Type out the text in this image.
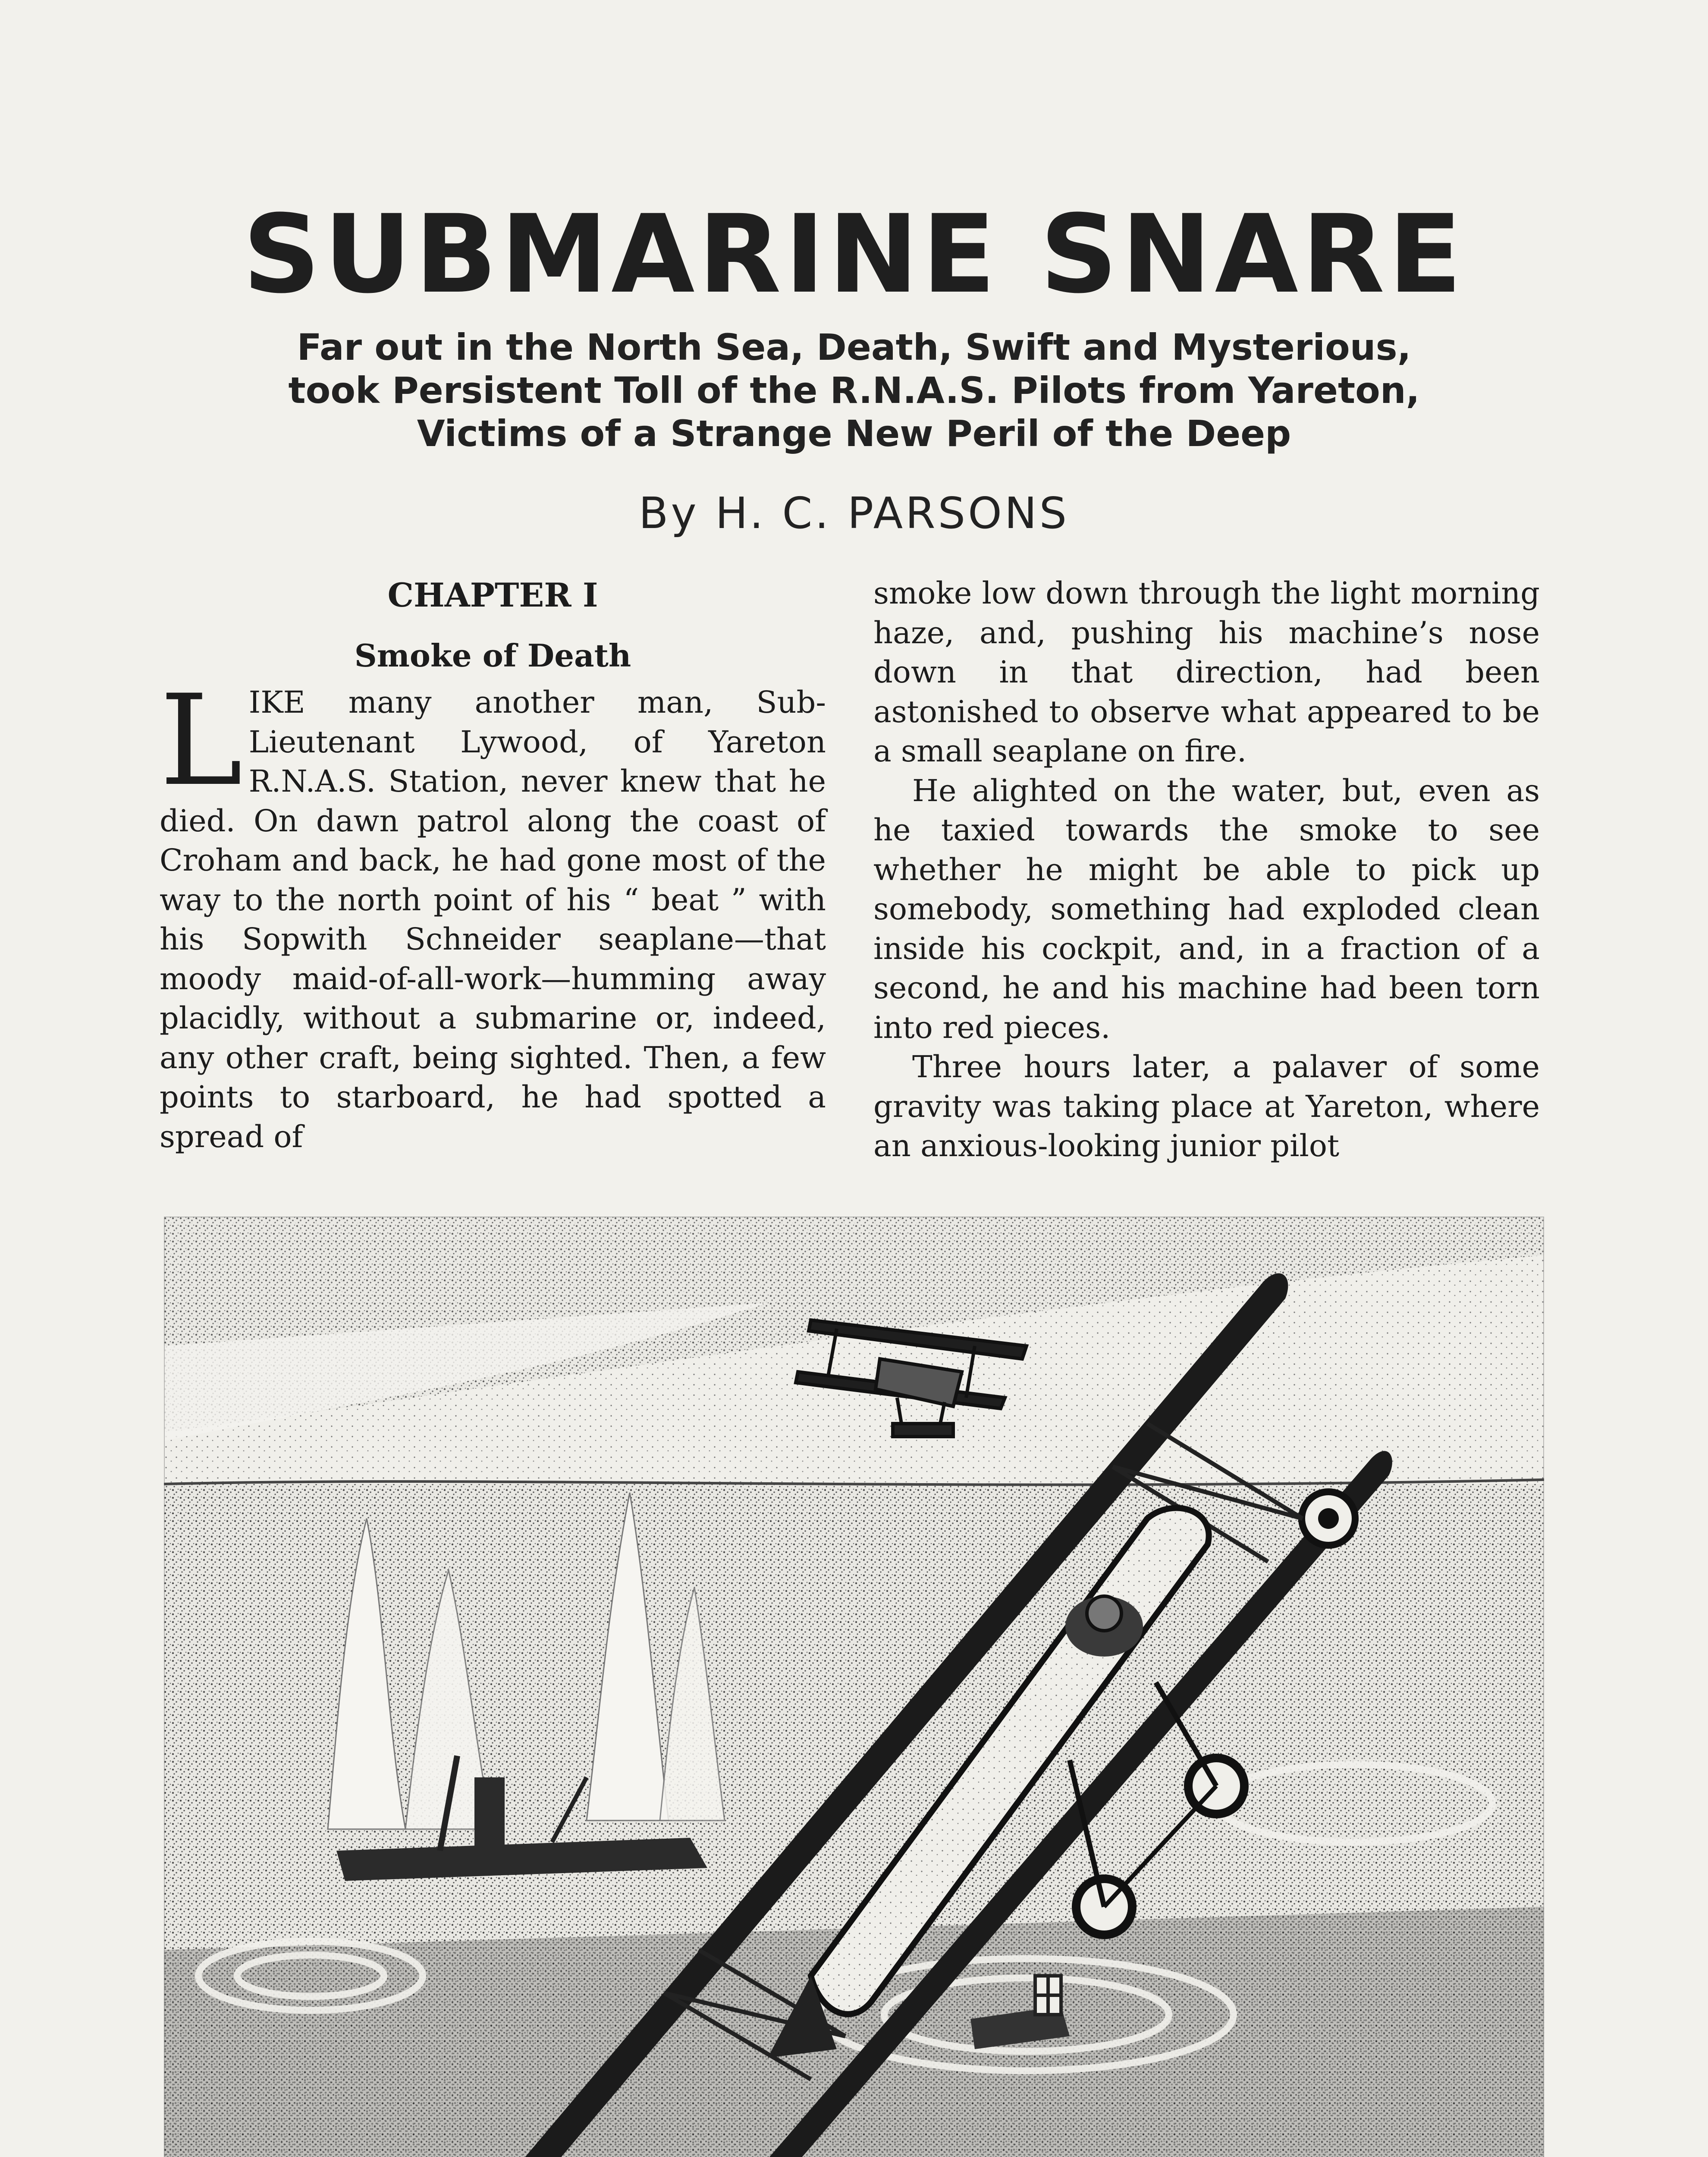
SUBMARINE SNARE
Far out in the North Sea, Death, Swift and Mysterious,
took Persistent Toll of the R.N.A.S. Pilots from Yareton,
Victims of a Strange New Peril of the Deep
By H. C. PARSONS
CHAPTER I
Smoke of Death

LIKE many another man, Sub-Lieutenant Lywood, of Yareton R.N.A.S. Station, never knew that he died. On dawn patrol along the coast of Croham and back, he had gone most of the way to the north point of his “ beat ” with his Sopwith Schneider seaplane—that moody maid-of-all-work—humming away placidly, without a submarine or, indeed, any other craft, being sighted. Then, a few points to starboard, he had spotted a spread of

smoke low down through the light morning haze, and, pushing his machine’s nose down in that direction, had been astonished to observe what appeared to be a small seaplane on fire.

He alighted on the water, but, even as he taxied towards the smoke to see whether he might be able to pick up somebody, something had exploded clean inside his cockpit, and, in a fraction of a second, he and his machine had been torn into red pieces.

Three hours later, a palaver of some gravity was taking place at Yareton, where an anxious-looking junior pilot
